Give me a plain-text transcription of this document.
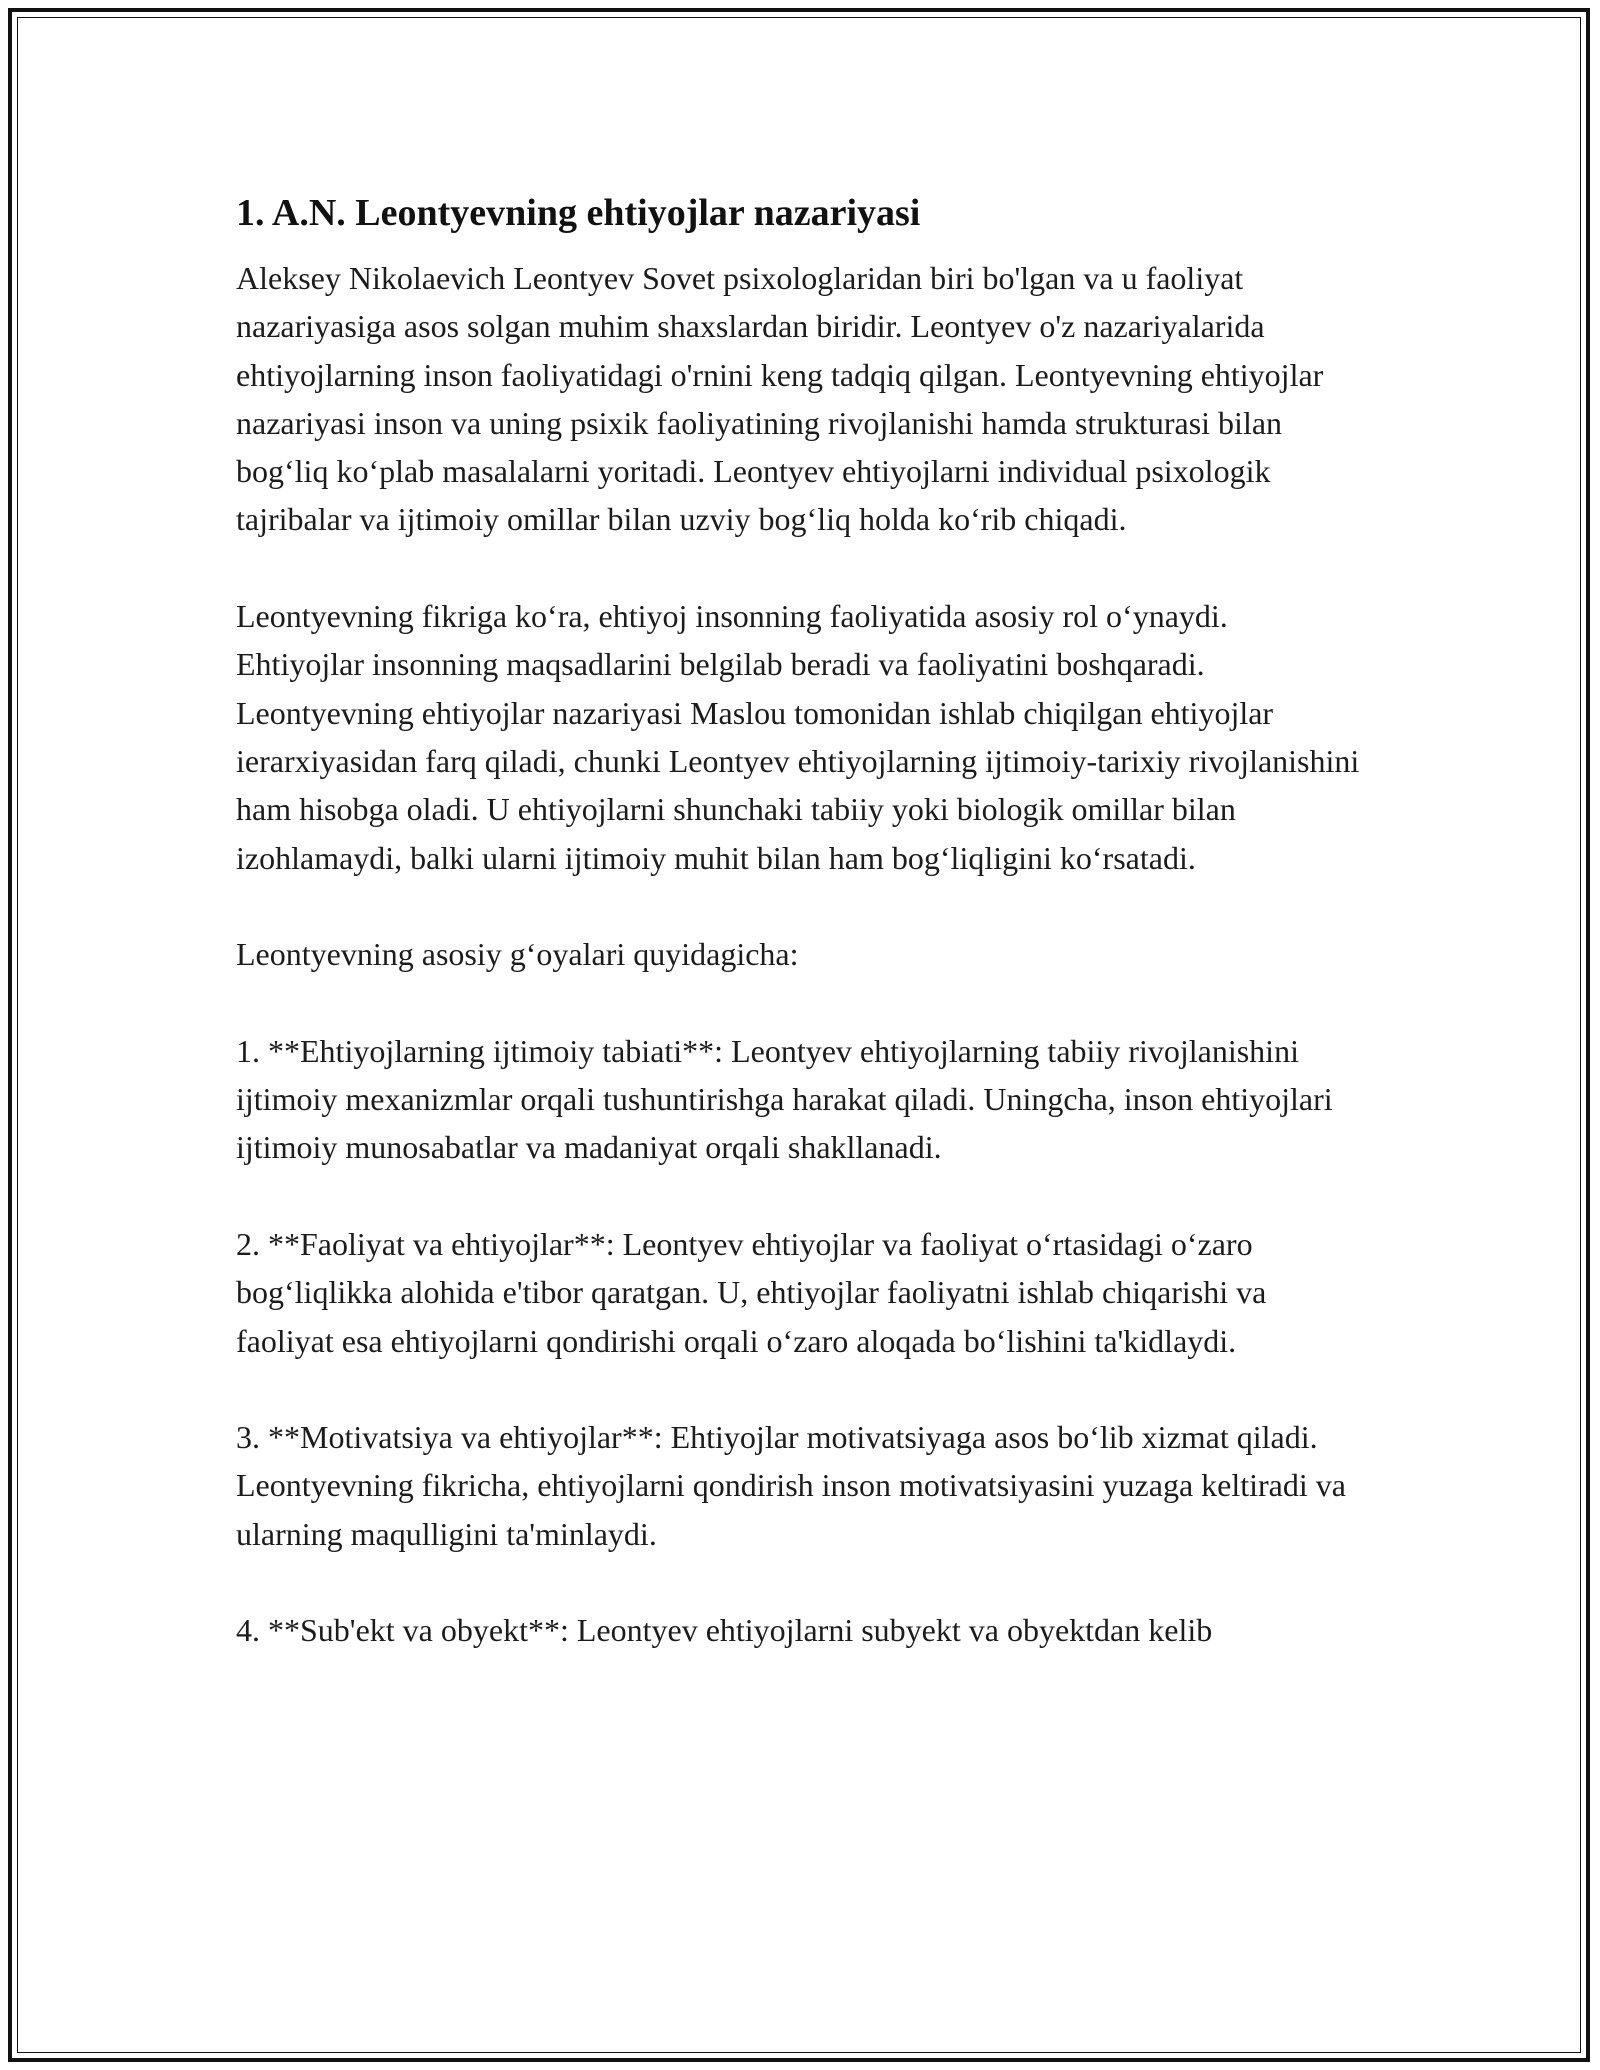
1. A.N. Leontyevning ehtiyojlar nazariyasi

Aleksey Nikolaevich Leontyev Sovet psixologlaridan biri bo'lgan va u faoliyat nazariyasiga asos solgan muhim shaxslardan biridir. Leontyev o'z nazariyalarida ehtiyojlarning inson faoliyatidagi o'rnini keng tadqiq qilgan. Leontyevning ehtiyojlar nazariyasi inson va uning psixik faoliyatining rivojlanishi hamda strukturasi bilan bog‘liq ko‘plab masalalarni yoritadi. Leontyev ehtiyojlarni individual psixologik tajribalar va ijtimoiy omillar bilan uzviy bog‘liq holda ko‘rib chiqadi.

Leontyevning fikriga ko‘ra, ehtiyoj insonning faoliyatida asosiy rol o‘ynaydi. Ehtiyojlar insonning maqsadlarini belgilab beradi va faoliyatini boshqaradi. Leontyevning ehtiyojlar nazariyasi Maslou tomonidan ishlab chiqilgan ehtiyojlar ierarxiyasidan farq qiladi, chunki Leontyev ehtiyojlarning ijtimoiy-tarixiy rivojlanishini ham hisobga oladi. U ehtiyojlarni shunchaki tabiiy yoki biologik omillar bilan izohlamaydi, balki ularni ijtimoiy muhit bilan ham bog‘liqligini ko‘rsatadi.

Leontyevning asosiy g‘oyalari quyidagicha:

1. **Ehtiyojlarning ijtimoiy tabiati**: Leontyev ehtiyojlarning tabiiy rivojlanishini ijtimoiy mexanizmlar orqali tushuntirishga harakat qiladi. Uningcha, inson ehtiyojlari ijtimoiy munosabatlar va madaniyat orqali shakllanadi.

2. **Faoliyat va ehtiyojlar**: Leontyev ehtiyojlar va faoliyat o‘rtasidagi o‘zaro bog‘liqlikka alohida e'tibor qaratgan. U, ehtiyojlar faoliyatni ishlab chiqarishi va faoliyat esa ehtiyojlarni qondirishi orqali o‘zaro aloqada bo‘lishini ta'kidlaydi.

3. **Motivatsiya va ehtiyojlar**: Ehtiyojlar motivatsiyaga asos bo‘lib xizmat qiladi. Leontyevning fikricha, ehtiyojlarni qondirish inson motivatsiyasini yuzaga keltiradi va ularning maqulligini ta'minlaydi.

4. **Sub'ekt va obyekt**: Leontyev ehtiyojlarni subyekt va obyektdan kelib
